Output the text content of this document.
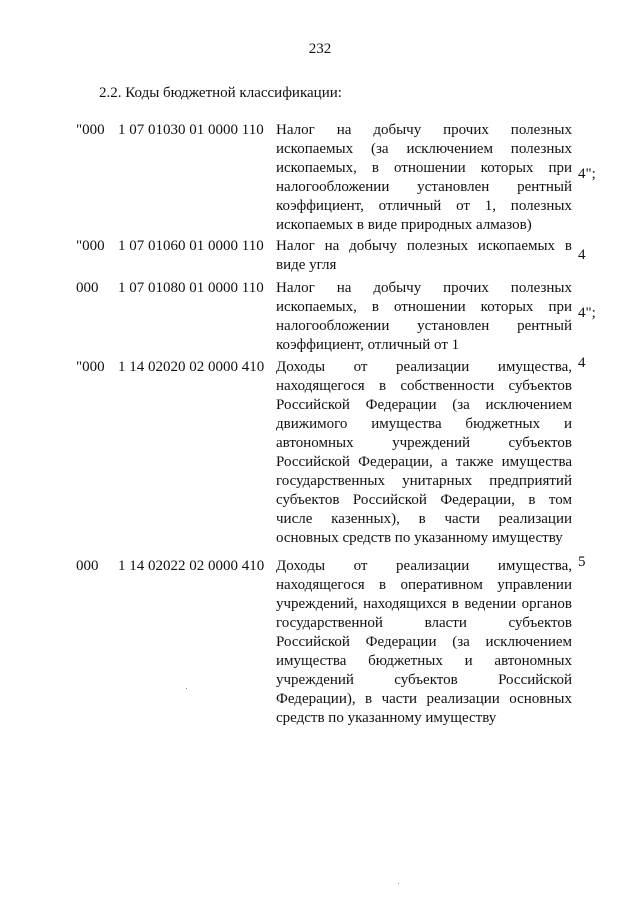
232
2.2. Коды бюджетной классификации:
"000 1 07 01030 01 0000 110 Налог на добычу прочих полезных ископаемых (за исключением полезных ископаемых, в отношении которых при налогообложении установлен рентный коэффициент, отличный от 1, полезных ископаемых в виде природных алмазов)
4";
"000 1 07 01060 01 0000 110 Налог на добычу полезных ископаемых в виде угля
4
000 1 07 01080 01 0000 110 Налог на добычу прочих полезных ископаемых, в отношении которых при налогообложении установлен рентный коэффициент, отличный от 1
4";
"000 1 14 02020 02 0000 410 Доходы от реализации имущества, находящегося в собственности субъектов Российской Федерации (за исключением движимого имущества бюджетных и автономных учреждений субъектов Российской Федерации, а также имущества государственных унитарных предприятий субъектов Российской Федерации, в том числе казенных), в части реализации основных средств по указанному имуществу
4
000 1 14 02022 02 0000 410 Доходы от реализации имущества, находящегося в оперативном управлении учреждений, находящихся в ведении органов государственной власти субъектов Российской Федерации (за исключением имущества бюджетных и автономных учреждений субъектов Российской Федерации), в части реализации основных средств по указанному имуществу
5
